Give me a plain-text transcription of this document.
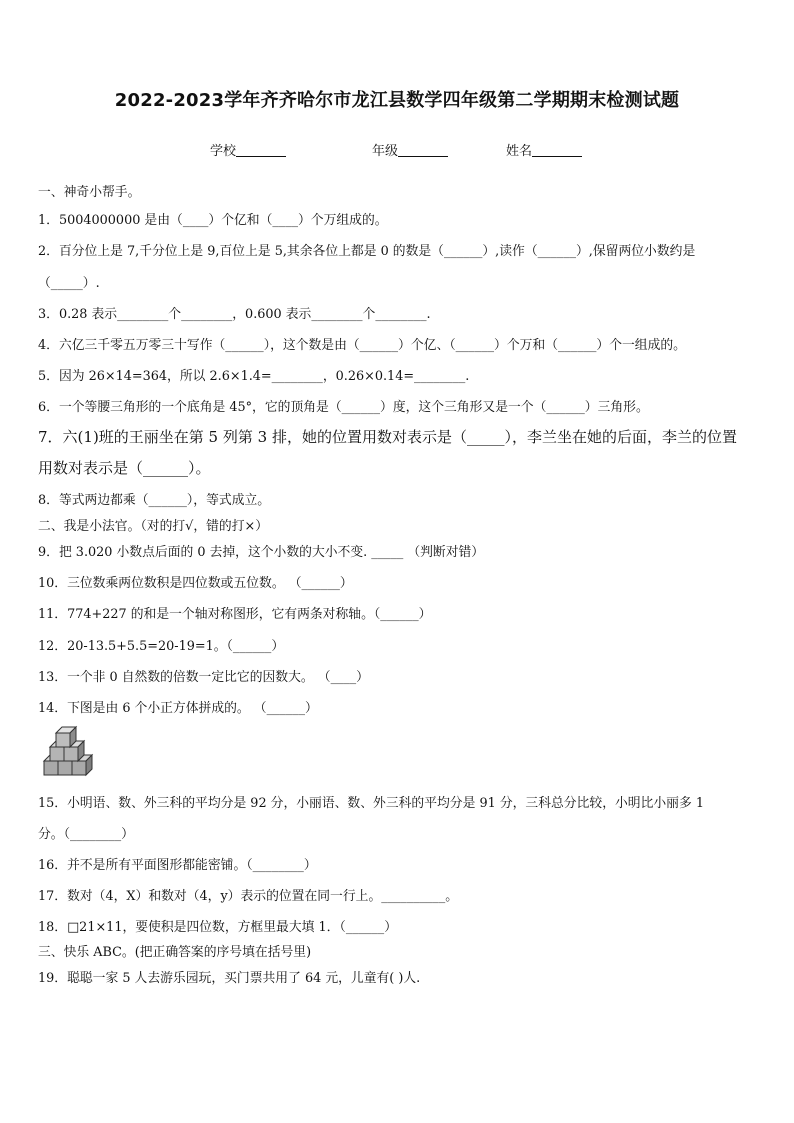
2022-2023学年齐齐哈尔市龙江县数学四年级第二学期期末检测试题
学校	年级	姓名
一、神奇小帮手。
1．5004000000 是由（____）个亿和（____）个万组成的。
2．百分位上是 7,千分位上是 9,百位上是 5,其余各位上都是 0 的数是（______）,读作（______）,保留两位小数约是
（_____）.
3．0.28 表示________个________，0.600 表示________个________.
4．六亿三千零五万零三十写作（______），这个数是由（______）个亿、（______）个万和（______）个一组成的。
5．因为 26×14=364，所以 2.6×1.4=________，0.26×0.14=________.
6．一个等腰三角形的一个底角是 45°，它的顶角是（______）度，这个三角形又是一个（______）三角形。
7．六(1)班的王丽坐在第 5 列第 3 排，她的位置用数对表示是（_____），李兰坐在她的后面，李兰的位置
用数对表示是（______）。
8．等式两边都乘（______），等式成立。
二、我是小法官。（对的打√，错的打×）
9．把 3.020 小数点后面的 0 去掉，这个小数的大小不变. _____ （判断对错）
10．三位数乘两位数积是四位数或五位数。 （______）
11．774+227 的和是一个轴对称图形，它有两条对称轴。（______）
12．20-13.5+5.5=20-19=1。（______）
13．一个非 0 自然数的倍数一定比它的因数大。 （____）
14．下图是由 6 个小正方体拼成的。 （______）
15．小明语、数、外三科的平均分是 92 分，小丽语、数、外三科的平均分是 91 分，三科总分比较，小明比小丽多 1
分。（________）
16．并不是所有平面图形都能密铺。（________）
17．数对（4，X）和数对（4，y）表示的位置在同一行上。__________。
18．□21×11，要使积是四位数，方框里最大填 1．（______）
三、快乐 ABC。(把正确答案的序号填在括号里)
19．聪聪一家 5 人去游乐园玩，买门票共用了 64 元，儿童有( )人.
